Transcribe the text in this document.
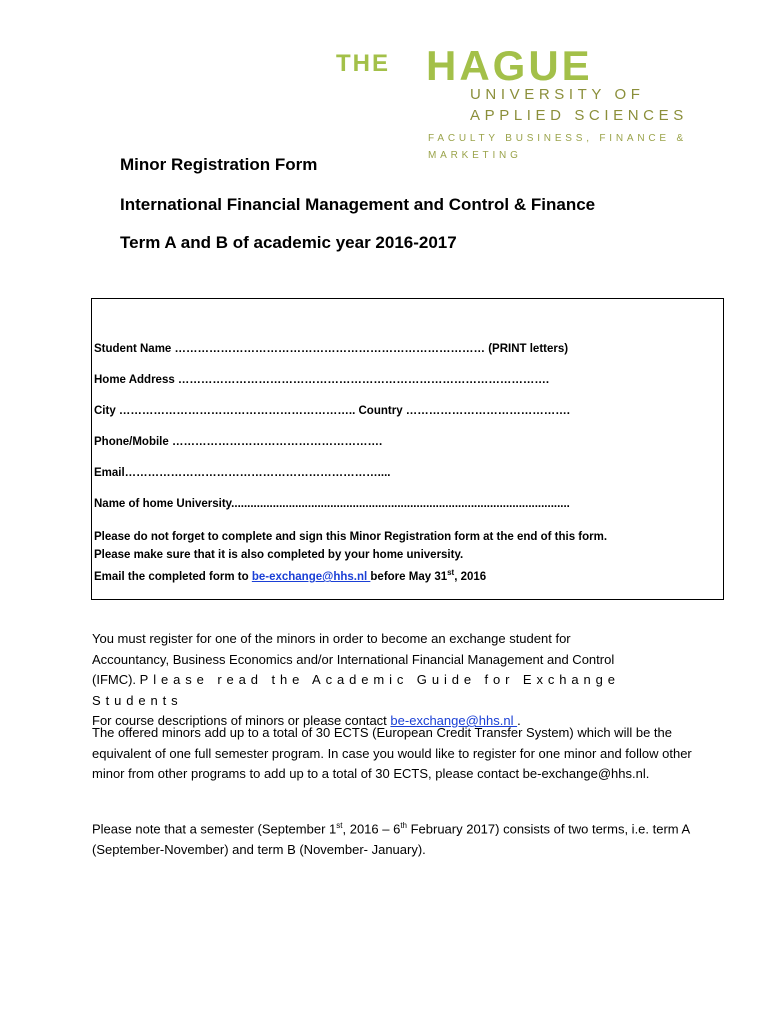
THE HAGUE
UNIVERSITY OF
APPLIED SCIENCES
FACULTY BUSINESS, FINANCE &
MARKETING
Minor Registration Form
International Financial Management and Control & Finance
Term A and B of academic year 2016-2017
Student Name ……………………………………………………………………… (PRINT letters)
Home Address …………………………………………………………………………………….
City …………………………………………………….. Country …………………………………….
Phone/Mobile ……………………………………………….
Email…………………………………………………………....
Name of home University..........................................................................................................
Please do not forget to complete and sign this Minor Registration form at the end of this form.
Please make sure that it is also completed by your home university.
Email the completed form to be-exchange@hhs.nl before May 31st, 2016
You must register for one of the minors in order to become an exchange student for
Accountancy, Business Economics and/or International Financial Management and Control
(IFMC). Please read the Academic Guide for Exchange Students
For course descriptions of minors or please contact be-exchange@hhs.nl .
The offered minors add up to a total of 30 ECTS (European Credit Transfer System) which will be the equivalent of one full semester program. In case you would like to register for one minor and follow other minor from other programs to add up to a total of 30 ECTS, please contact be-exchange@hhs.nl.
Please note that a semester (September 1st, 2016 – 6th February 2017) consists of two terms, i.e. term A (September-November) and term B (November- January).
